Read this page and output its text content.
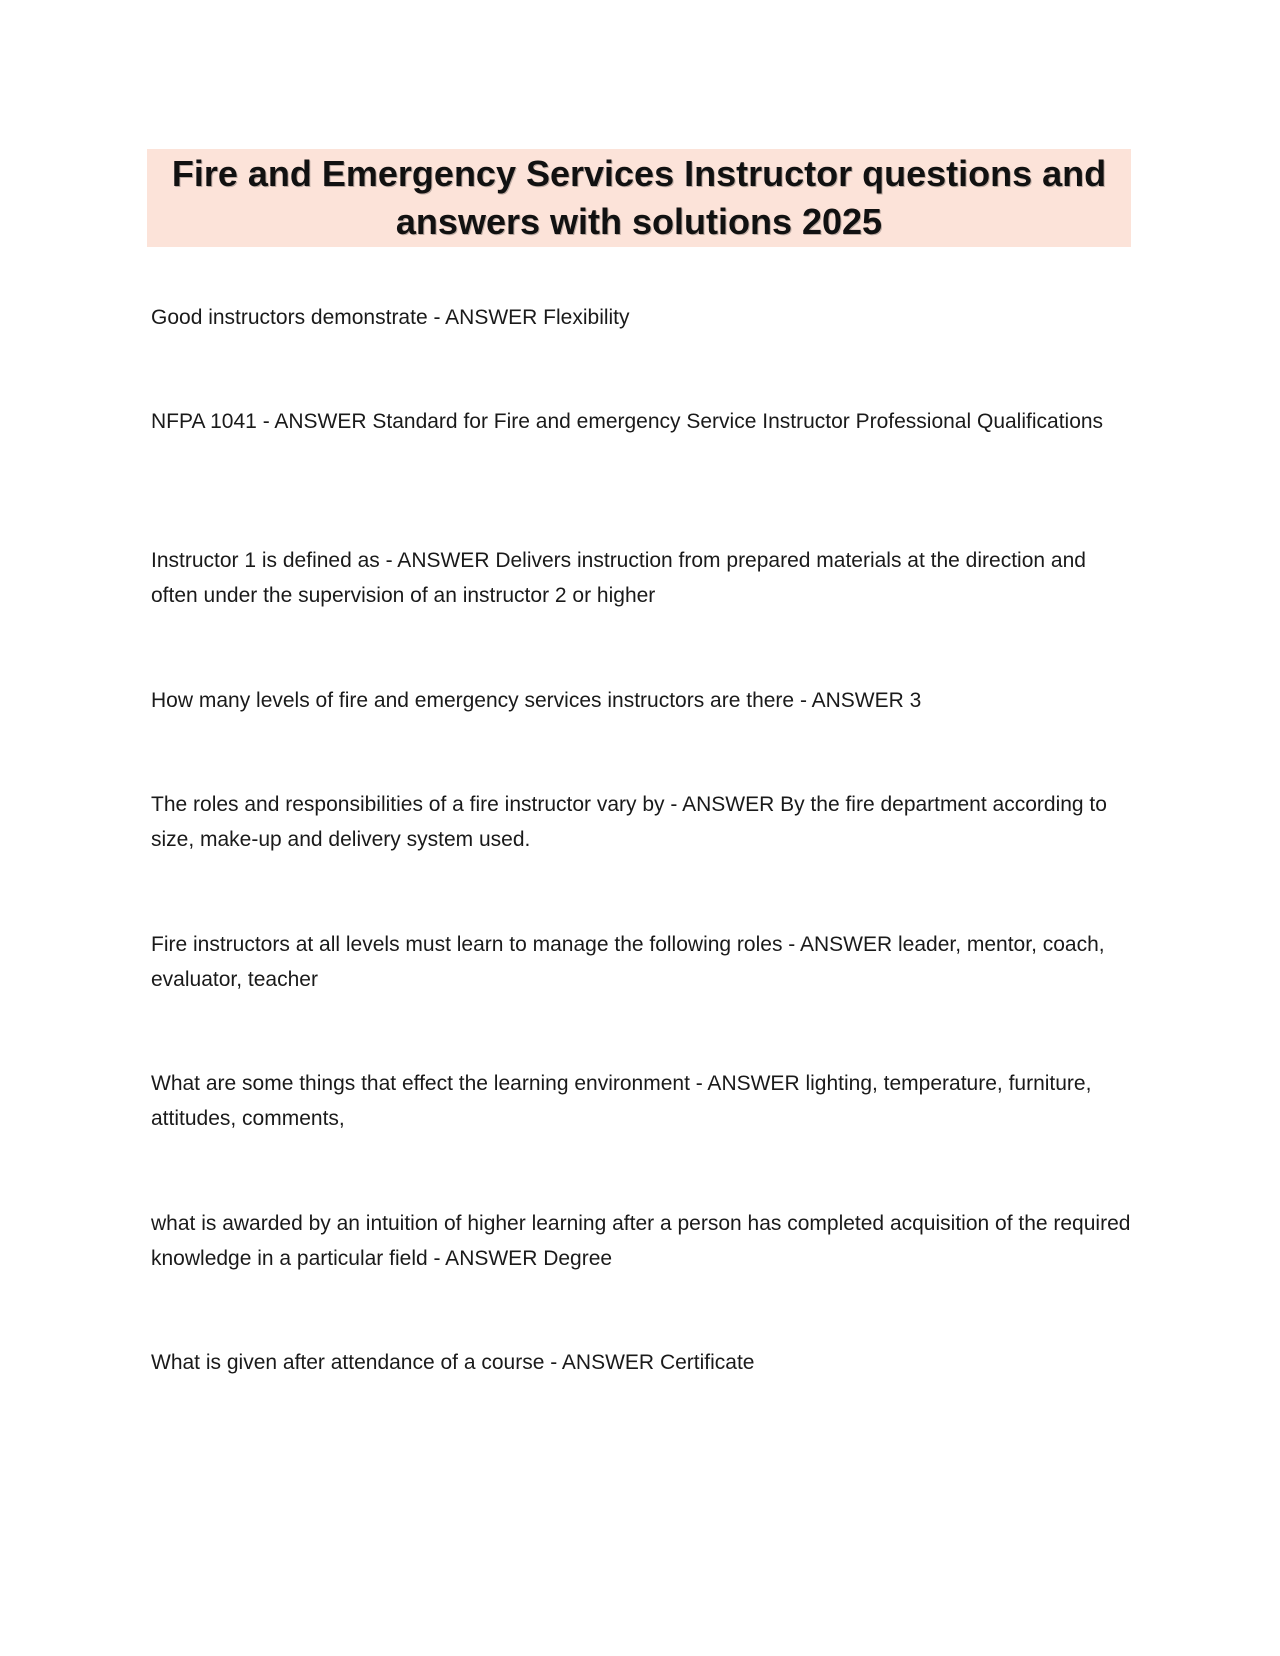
Fire and Emergency Services Instructor questions and
answers with solutions 2025

Good instructors demonstrate - ANSWER Flexibility

NFPA 1041 - ANSWER Standard for Fire and emergency Service Instructor Professional Qualifications

Instructor 1 is defined as - ANSWER Delivers instruction from prepared materials at the direction and often under the supervision of an instructor 2 or higher

How many levels of fire and emergency services instructors are there - ANSWER 3

The roles and responsibilities of a fire instructor vary by - ANSWER By the fire department according to size, make-up and delivery system used.

Fire instructors at all levels must learn to manage the following roles - ANSWER leader, mentor, coach, evaluator, teacher

What are some things that effect the learning environment - ANSWER lighting, temperature, furniture, attitudes, comments,

what is awarded by an intuition of higher learning after a person has completed acquisition of the required knowledge in a particular field - ANSWER Degree

What is given after attendance of a course - ANSWER Certificate
